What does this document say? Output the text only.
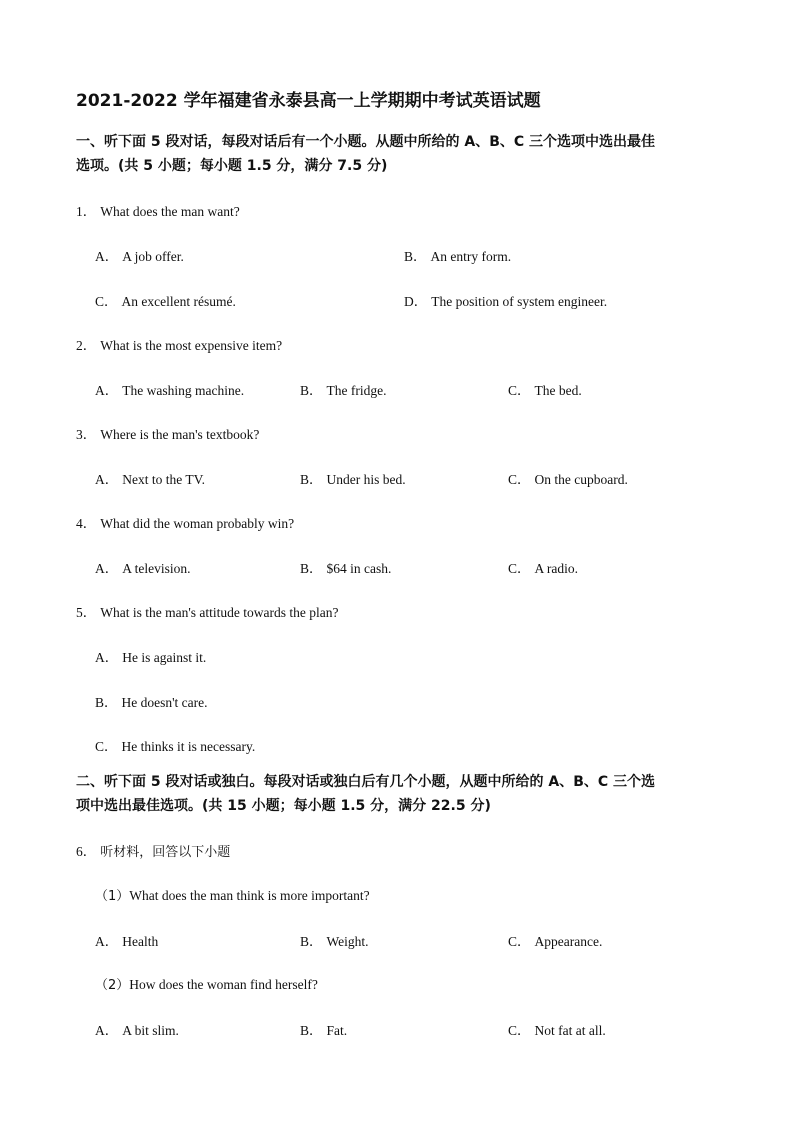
2021-2022 学年福建省永泰县高一上学期期中考试英语试题
一、听下面 5 段对话，每段对话后有一个小题。从题中所给的 A、B、C 三个选项中选出最佳
选项。(共 5 小题；每小题 1.5 分，满分 7.5 分)
1． What does the man want?
A． A job offer.	B． An entry form.
C． An excellent résumé.	D． The position of system engineer.
2． What is the most expensive item?
A． The washing machine.	B． The fridge.	C． The bed.
3． Where is the man's textbook?
A． Next to the TV.	B． Under his bed.	C． On the cupboard.
4． What did the woman probably win?
A． A television.	B． $64 in cash.	C． A radio.
5． What is the man's attitude towards the plan?
A． He is against it.
B． He doesn't care.
C． He thinks it is necessary.
二、听下面 5 段对话或独白。每段对话或独白后有几个小题，从题中所给的 A、B、C 三个选
项中选出最佳选项。(共 15 小题；每小题 1.5 分，满分 22.5 分)
6． 听材料，回答以下小题
（1）What does the man think is more important?
A． Health	B． Weight.	C． Appearance.
（2）How does the woman find herself?
A． A bit slim.	B． Fat.	C． Not fat at all.
